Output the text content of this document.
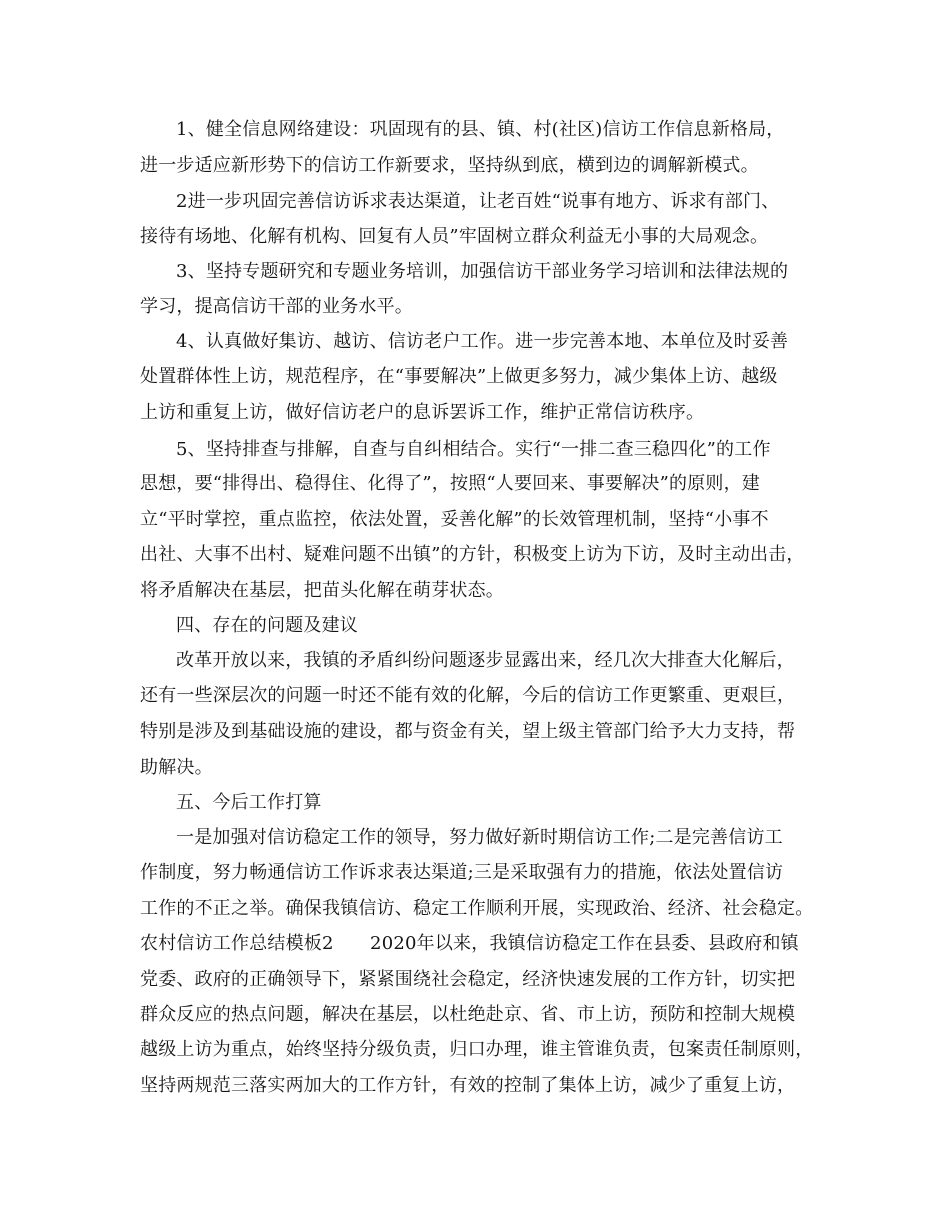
1、健全信息网络建设：巩固现有的县、镇、村(社区)信访工作信息新格局，
进一步适应新形势下的信访工作新要求，坚持纵到底，横到边的调解新模式。
2进一步巩固完善信访诉求表达渠道，让老百姓“说事有地方、诉求有部门、
接待有场地、化解有机构、回复有人员”牢固树立群众利益无小事的大局观念。
3、坚持专题研究和专题业务培训，加强信访干部业务学习培训和法律法规的
学习，提高信访干部的业务水平。
4、认真做好集访、越访、信访老户工作。进一步完善本地、本单位及时妥善
处置群体性上访，规范程序，在“事要解决”上做更多努力，减少集体上访、越级
上访和重复上访，做好信访老户的息诉罢诉工作，维护正常信访秩序。
5、坚持排查与排解，自查与自纠相结合。实行“一排二查三稳四化”的工作
思想，要“排得出、稳得住、化得了”，按照“人要回来、事要解决”的原则，建
立“平时掌控，重点监控，依法处置，妥善化解”的长效管理机制，坚持“小事不
出社、大事不出村、疑难问题不出镇”的方针，积极变上访为下访，及时主动出击，
将矛盾解决在基层，把苗头化解在萌芽状态。
四、存在的问题及建议
改革开放以来，我镇的矛盾纠纷问题逐步显露出来，经几次大排查大化解后，
还有一些深层次的问题一时还不能有效的化解，今后的信访工作更繁重、更艰巨，
特别是涉及到基础设施的建设，都与资金有关，望上级主管部门给予大力支持，帮
助解决。
五、今后工作打算
一是加强对信访稳定工作的领导，努力做好新时期信访工作;二是完善信访工
作制度，努力畅通信访工作诉求表达渠道;三是采取强有力的措施，依法处置信访
工作的不正之举。确保我镇信访、稳定工作顺利开展，实现政治、经济、社会稳定。
农村信访工作总结模板2　　2020年以来，我镇信访稳定工作在县委、县政府和镇
党委、政府的正确领导下，紧紧围绕社会稳定，经济快速发展的工作方针，切实把
群众反应的热点问题，解决在基层，以杜绝赴京、省、市上访，预防和控制大规模
越级上访为重点，始终坚持分级负责，归口办理，谁主管谁负责，包案责任制原则，
坚持两规范三落实两加大的工作方针，有效的控制了集体上访，减少了重复上访，
